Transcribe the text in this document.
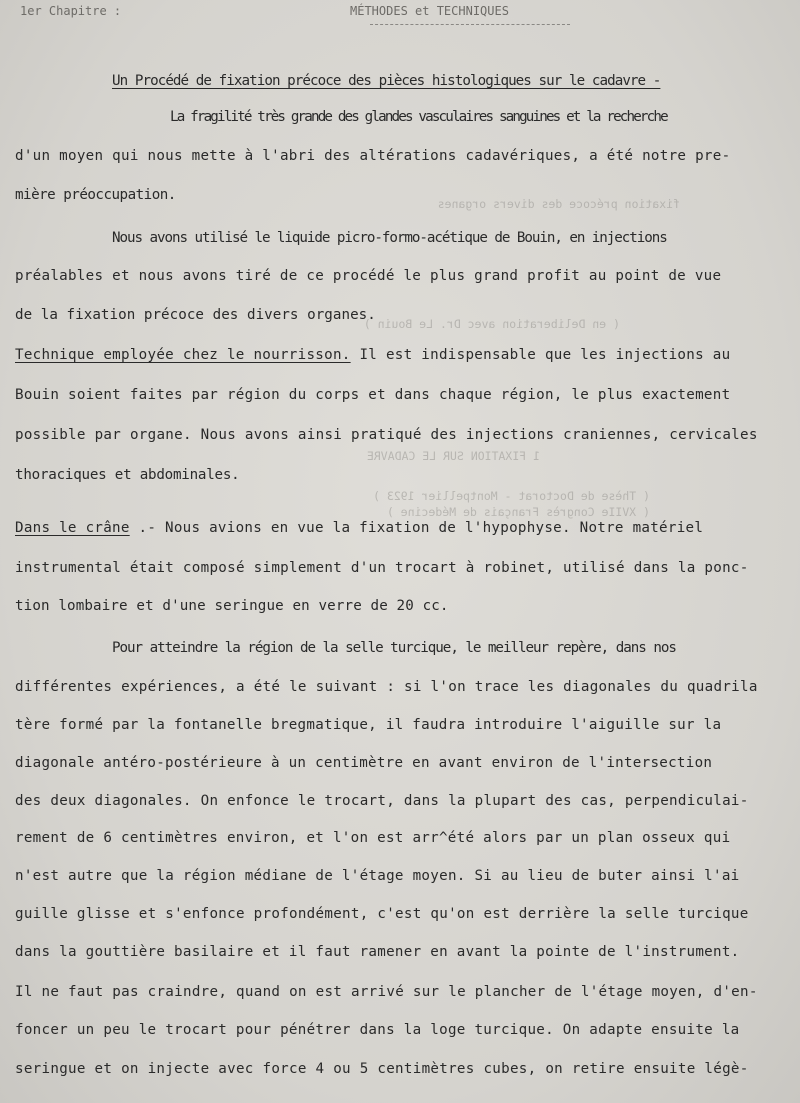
fixation précoce des divers organes
( en Deliberation avec Dr. Le Bouin )
1 FIXATION SUR LE CADAVRE
( Thèse de Doctorat - Montpellier 1923 )
( XVIIe Congrès Français de Médecine )
1er Chapitre :	MÉTHODES et TECHNIQUES
Un Procédé de fixation précoce des pièces histologiques sur le cadavre -
La fragilité très grande des glandes vasculaires sanguines et la recherche
d'un moyen qui nous mette à l'abri des altérations cadavériques, a été notre pre-
mière préoccupation.
Nous avons utilisé le liquide picro-formo-acétique de Bouin, en injections
préalables et nous avons tiré de ce procédé le plus grand profit au point de vue
de la fixation précoce des divers organes.
Technique employée chez le nourrisson. Il est indispensable que les injections au
Bouin soient faites par région du corps et dans chaque région, le plus exactement
possible par organe. Nous avons ainsi pratiqué des injections craniennes, cervicales
thoraciques et abdominales.
Dans le crâne .- Nous avions en vue la fixation de l'hypophyse. Notre matériel
instrumental était composé simplement d'un trocart à robinet, utilisé dans la ponc-
tion lombaire et d'une seringue en verre de 20 cc.
Pour atteindre la région de la selle turcique, le meilleur repère, dans nos
différentes expériences, a été le suivant : si l'on trace les diagonales du quadrila
tère formé par la fontanelle bregmatique, il faudra introduire l'aiguille sur la
diagonale antéro-postérieure à un centimètre en avant environ de l'intersection
des deux diagonales. On enfonce le trocart, dans la plupart des cas, perpendiculai-
rement de 6 centimètres environ, et l'on est arr^été alors par un plan osseux qui
n'est autre que la région médiane de l'étage moyen. Si au lieu de buter ainsi l'ai
guille glisse et s'enfonce profondément, c'est qu'on est derrière la selle turcique
dans la gouttière basilaire et il faut ramener en avant la pointe de l'instrument.
Il ne faut pas craindre, quand on est arrivé sur le plancher de l'étage moyen, d'en-
foncer un peu le trocart pour pénétrer dans la loge turcique. On adapte ensuite la
seringue et on injecte avec force 4 ou 5 centimètres cubes, on retire ensuite légè-
